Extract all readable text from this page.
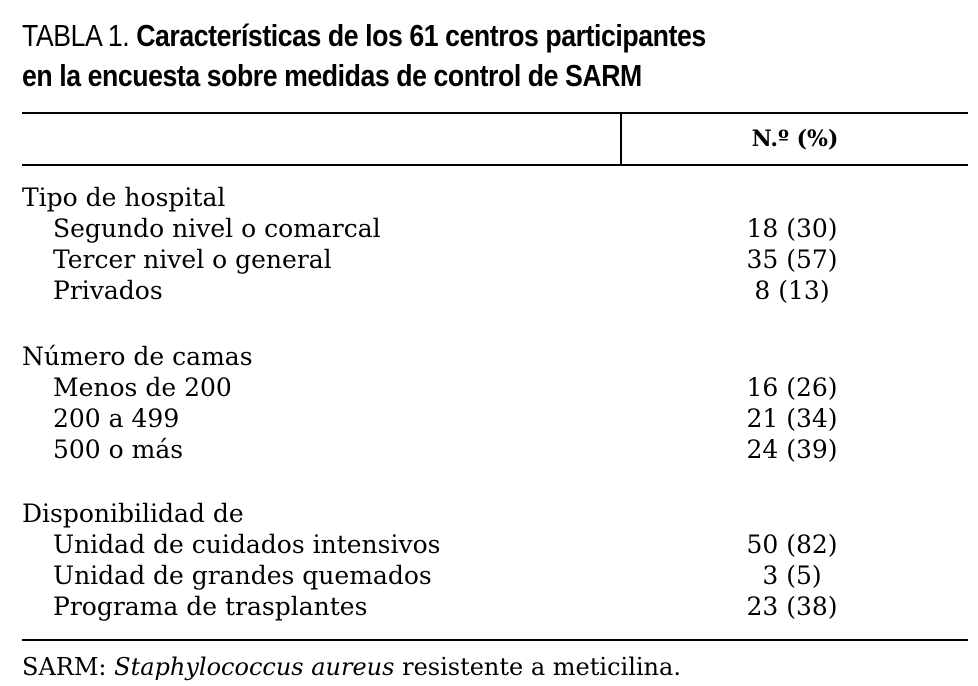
TABLA 1. Características de los 61 centros participantes
en la encuesta sobre medidas de control de SARM
N.º (%)
Tipo de hospital
Segundo nivel o comarcal	18 (30)
Tercer nivel o general	35 (57)
Privados	8 (13)
Número de camas
Menos de 200	16 (26)
200 a 499	21 (34)
500 o más	24 (39)
Disponibilidad de
Unidad de cuidados intensivos	50 (82)
Unidad de grandes quemados	3 (5)
Programa de trasplantes	23 (38)
SARM: Staphylococcus aureus resistente a meticilina.
